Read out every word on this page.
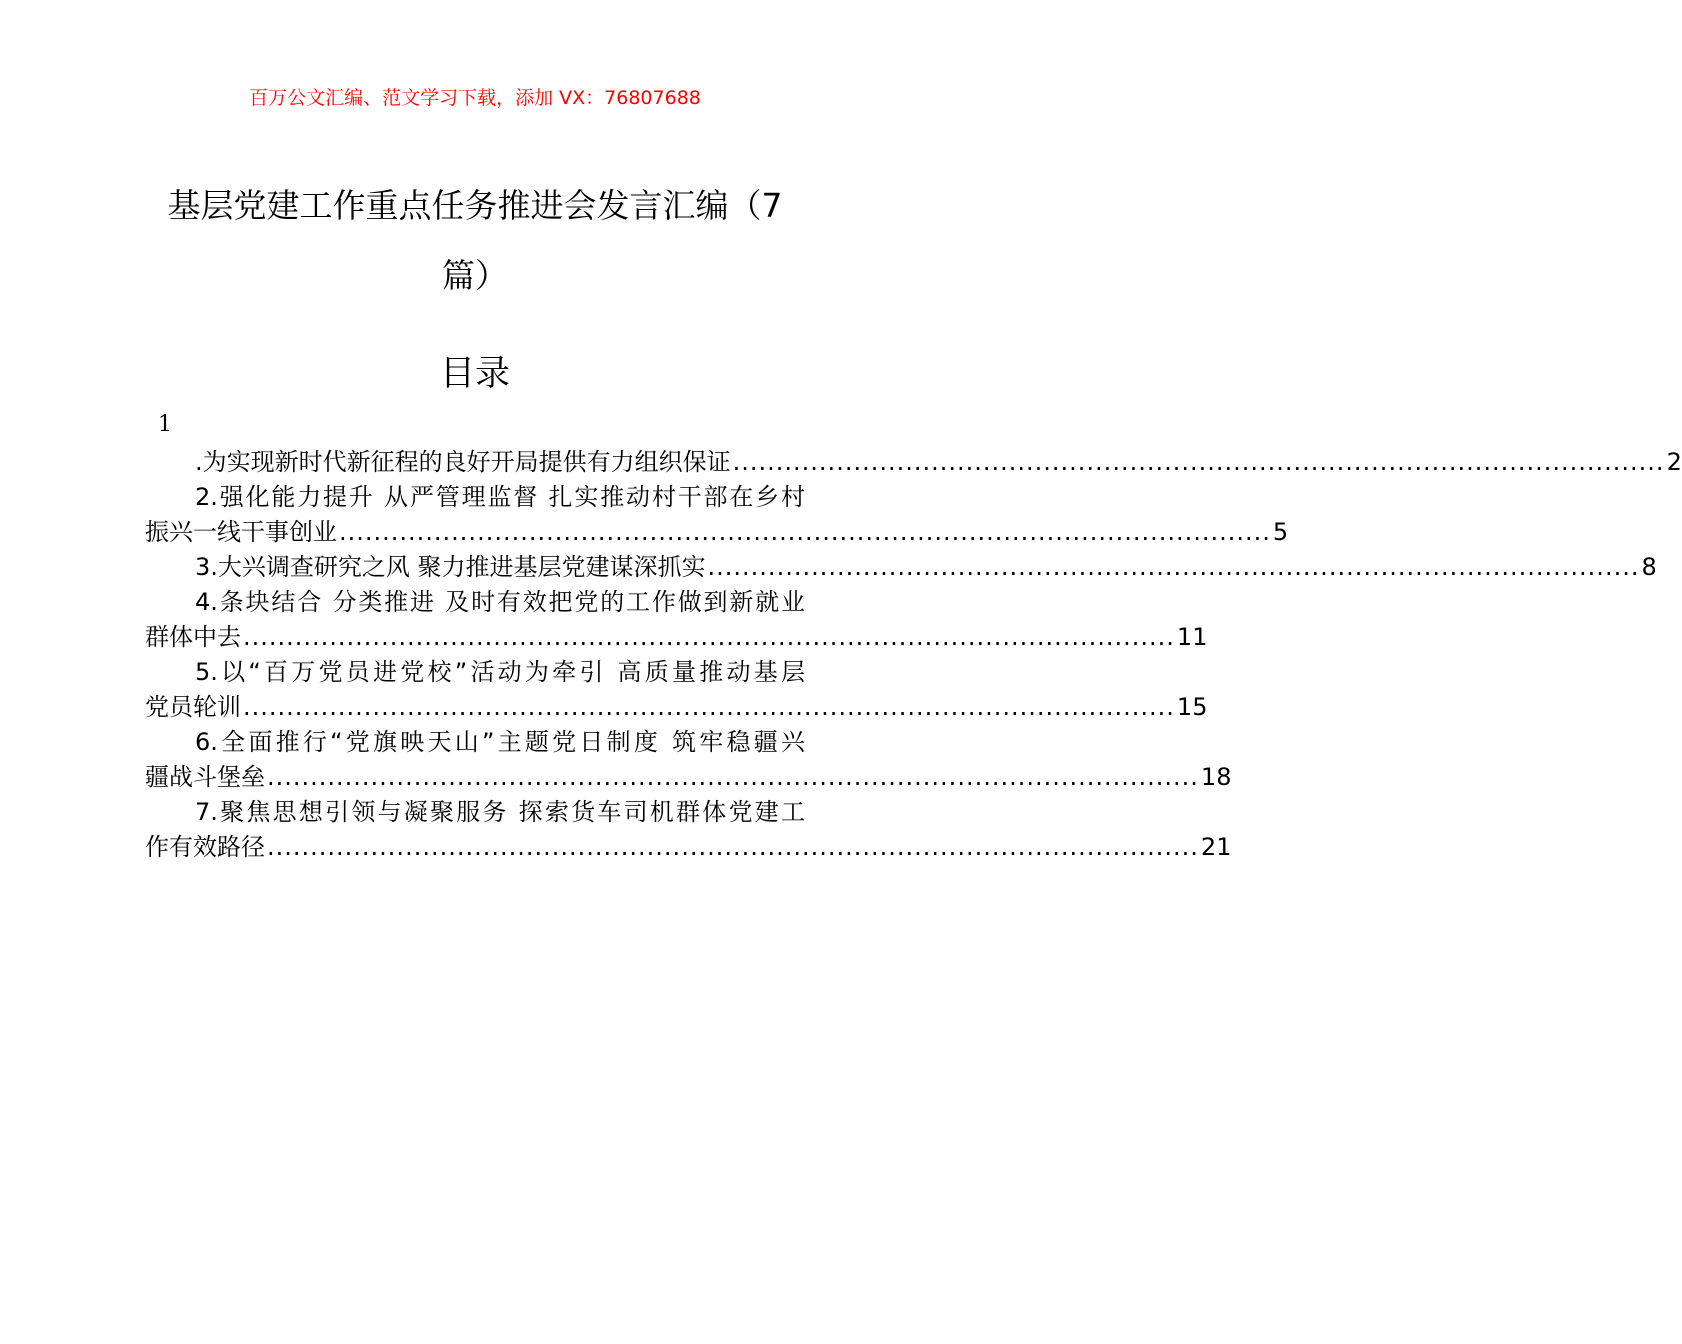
百万公文汇编、范文学习下载，添加 VX：76807688
基层党建工作重点任务推进会发言汇编（7
篇）
目录
1
.为实现新时代新征程的良好开局提供有力组织保证 ............................................................................................................ 2
2.强化能力提升 从严管理监督 扎实推动村干部在乡村
振兴一线干事创业 ............................................................................................................ 5
3.大兴调查研究之风 聚力推进基层党建谋深抓实 ............................................................................................................ 8
4.条块结合 分类推进 及时有效把党的工作做到新就业
群体中去 ............................................................................................................ 11
5.以“百万党员进党校”活动为牵引 高质量推动基层
党员轮训 ............................................................................................................ 15
6.全面推行“党旗映天山”主题党日制度 筑牢稳疆兴
疆战斗堡垒 ............................................................................................................ 18
7.聚焦思想引领与凝聚服务 探索货车司机群体党建工
作有效路径 ............................................................................................................ 21
